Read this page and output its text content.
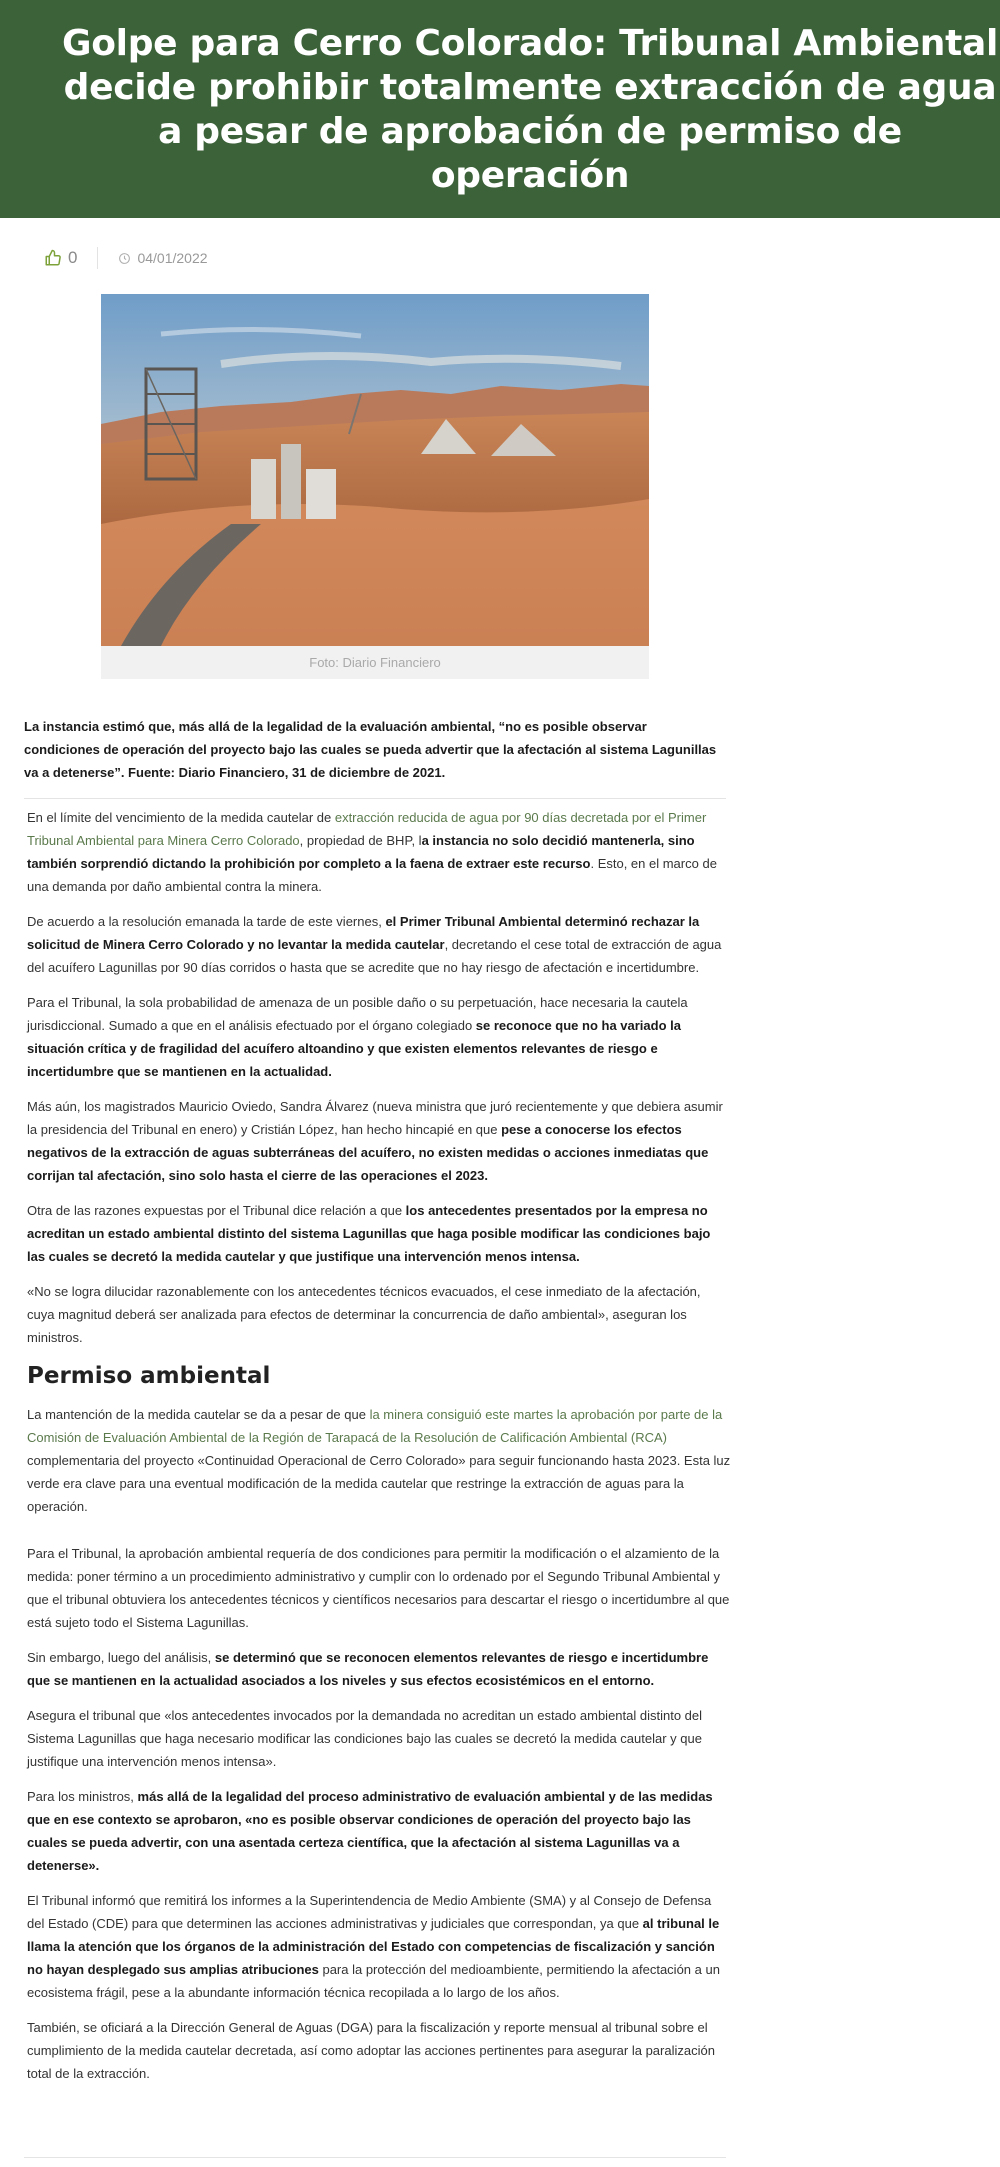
Golpe para Cerro Colorado: Tribunal Ambiental decide prohibir totalmente extracción de agua a pesar de aprobación de permiso de operación
0	04/01/2022
Foto: Diario Financiero

La instancia estimó que, más allá de la legalidad de la evaluación ambiental, “no es posible observar condiciones de operación del proyecto bajo las cuales se pueda advertir que la afectación al sistema Lagunillas va a detenerse”. Fuente: Diario Financiero, 31 de diciembre de 2021.

En el límite del vencimiento de la medida cautelar de extracción reducida de agua por 90 días decretada por el Primer Tribunal Ambiental para Minera Cerro Colorado, propiedad de BHP, la instancia no solo decidió mantenerla, sino también sorprendió dictando la prohibición por completo a la faena de extraer este recurso. Esto, en el marco de una demanda por daño ambiental contra la minera.

De acuerdo a la resolución emanada la tarde de este viernes, el Primer Tribunal Ambiental determinó rechazar la solicitud de Minera Cerro Colorado y no levantar la medida cautelar, decretando el cese total de extracción de agua del acuífero Lagunillas por 90 días corridos o hasta que se acredite que no hay riesgo de afectación e incertidumbre.

Para el Tribunal, la sola probabilidad de amenaza de un posible daño o su perpetuación, hace necesaria la cautela jurisdiccional. Sumado a que en el análisis efectuado por el órgano colegiado se reconoce que no ha variado la situación crítica y de fragilidad del acuífero altoandino y que existen elementos relevantes de riesgo e incertidumbre que se mantienen en la actualidad.

Más aún, los magistrados Mauricio Oviedo, Sandra Álvarez (nueva ministra que juró recientemente y que debiera asumir la presidencia del Tribunal en enero) y Cristián López, han hecho hincapié en que pese a conocerse los efectos negativos de la extracción de aguas subterráneas del acuífero, no existen medidas o acciones inmediatas que corrijan tal afectación, sino solo hasta el cierre de las operaciones el 2023.

Otra de las razones expuestas por el Tribunal dice relación a que los antecedentes presentados por la empresa no acreditan un estado ambiental distinto del sistema Lagunillas que haga posible modificar las condiciones bajo las cuales se decretó la medida cautelar y que justifique una intervención menos intensa.

«No se logra dilucidar razonablemente con los antecedentes técnicos evacuados, el cese inmediato de la afectación, cuya magnitud deberá ser analizada para efectos de determinar la concurrencia de daño ambiental», aseguran los ministros.

Permiso ambiental

La mantención de la medida cautelar se da a pesar de que la minera consiguió este martes la aprobación por parte de la Comisión de Evaluación Ambiental de la Región de Tarapacá de la Resolución de Calificación Ambiental (RCA) complementaria del proyecto «Continuidad Operacional de Cerro Colorado» para seguir funcionando hasta 2023. Esta luz verde era clave para una eventual modificación de la medida cautelar que restringe la extracción de aguas para la operación.

Para el Tribunal, la aprobación ambiental requería de dos condiciones para permitir la modificación o el alzamiento de la medida: poner término a un procedimiento administrativo y cumplir con lo ordenado por el Segundo Tribunal Ambiental y que el tribunal obtuviera los antecedentes técnicos y científicos necesarios para descartar el riesgo o incertidumbre al que está sujeto todo el Sistema Lagunillas.

Sin embargo, luego del análisis, se determinó que se reconocen elementos relevantes de riesgo e incertidumbre que se mantienen en la actualidad asociados a los niveles y sus efectos ecosistémicos en el entorno.

Asegura el tribunal que «los antecedentes invocados por la demandada no acreditan un estado ambiental distinto del Sistema Lagunillas que haga necesario modificar las condiciones bajo las cuales se decretó la medida cautelar y que justifique una intervención menos intensa».

Para los ministros, más allá de la legalidad del proceso administrativo de evaluación ambiental y de las medidas que en ese contexto se aprobaron, «no es posible observar condiciones de operación del proyecto bajo las cuales se pueda advertir, con una asentada certeza científica, que la afectación al sistema Lagunillas va a detenerse».

El Tribunal informó que remitirá los informes a la Superintendencia de Medio Ambiente (SMA) y al Consejo de Defensa del Estado (CDE) para que determinen las acciones administrativas y judiciales que correspondan, ya que al tribunal le llama la atención que los órganos de la administración del Estado con competencias de fiscalización y sanción no hayan desplegado sus amplias atribuciones para la protección del medioambiente, permitiendo la afectación a un ecosistema frágil, pese a la abundante información técnica recopilada a lo largo de los años.

También, se oficiará a la Dirección General de Aguas (DGA) para la fiscalización y reporte mensual al tribunal sobre el cumplimiento de la medida cautelar decretada, así como adoptar las acciones pertinentes para asegurar la paralización total de la extracción.
